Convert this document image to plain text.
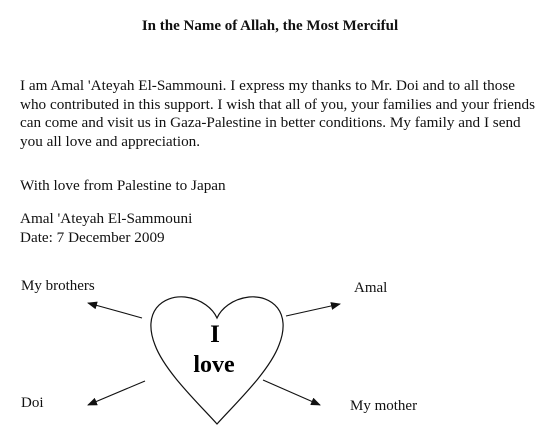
In the Name of Allah, the Most Merciful
I am Amal 'Ateyah El-Sammouni. I express my thanks to Mr. Doi and to all those
who contributed in this support. I wish that all of you, your families and your friends
can come and visit us in Gaza-Palestine in better conditions. My family and I send
you all love and appreciation.
With love from Palestine to Japan
Amal 'Ateyah El-Sammouni
Date: 7 December 2009
I
love
My brothers	Amal
Doi	My mother
